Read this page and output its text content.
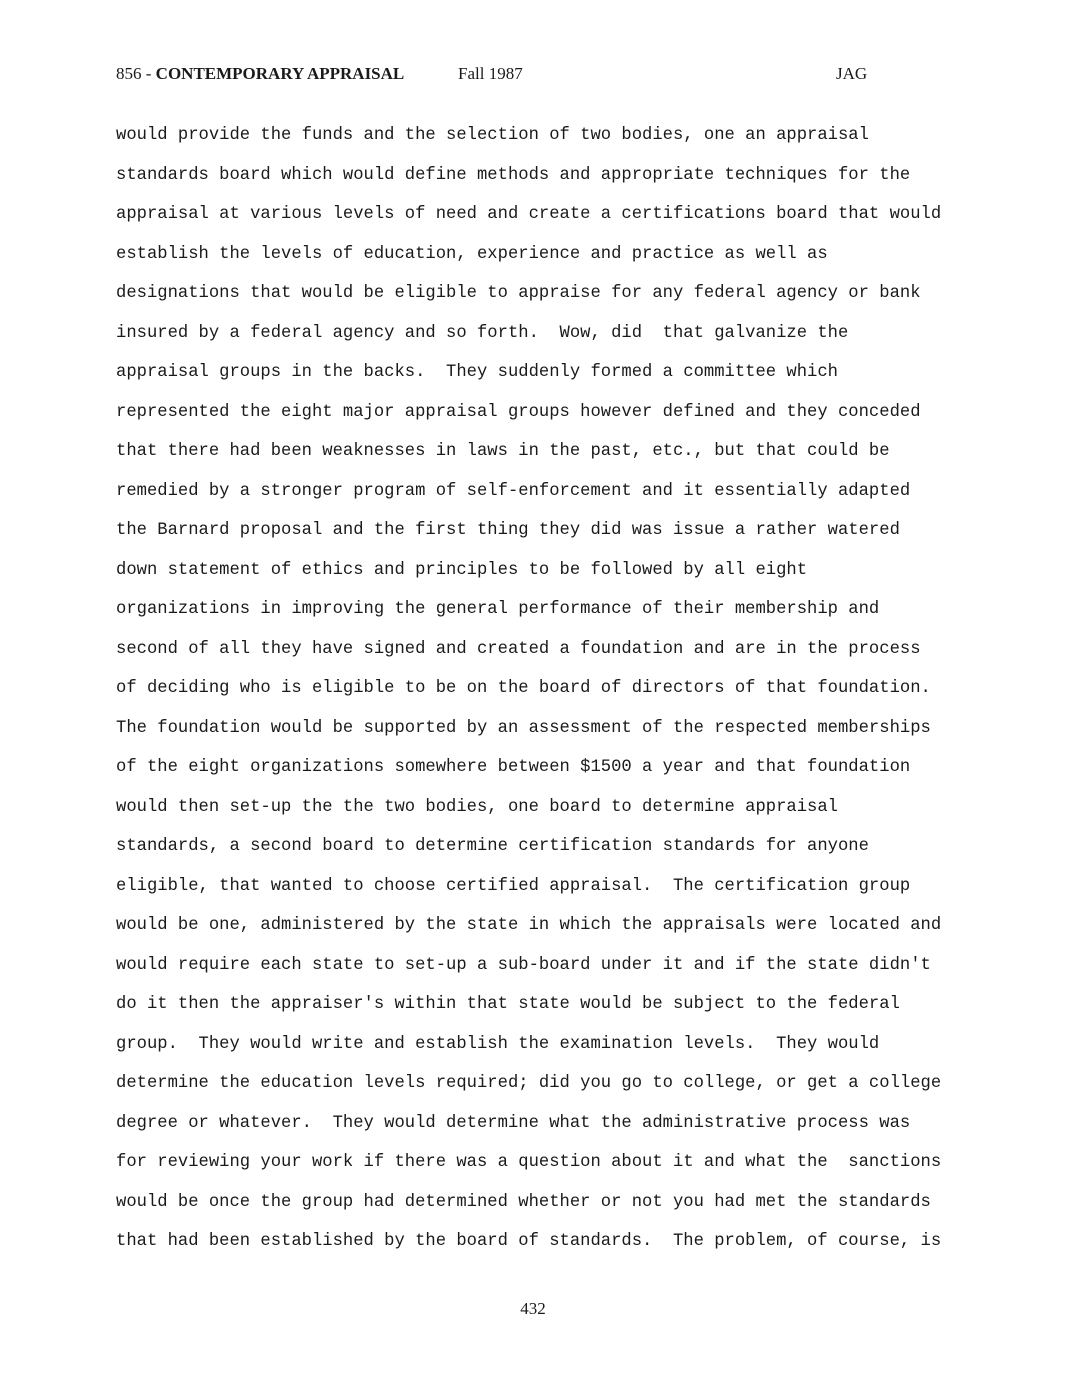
856 - CONTEMPORARY APPRAISAL	Fall 1987	JAG
would provide the funds and the selection of two bodies, one an appraisal
standards board which would define methods and appropriate techniques for the
appraisal at various levels of need and create a certifications board that would
establish the levels of education, experience and practice as well as
designations that would be eligible to appraise for any federal agency or bank
insured by a federal agency and so forth.  Wow, did  that galvanize the
appraisal groups in the backs.  They suddenly formed a committee which
represented the eight major appraisal groups however defined and they conceded
that there had been weaknesses in laws in the past, etc., but that could be
remedied by a stronger program of self-enforcement and it essentially adapted
the Barnard proposal and the first thing they did was issue a rather watered
down statement of ethics and principles to be followed by all eight
organizations in improving the general performance of their membership and
second of all they have signed and created a foundation and are in the process
of deciding who is eligible to be on the board of directors of that foundation.
The foundation would be supported by an assessment of the respected memberships
of the eight organizations somewhere between $1500 a year and that foundation
would then set-up the the two bodies, one board to determine appraisal
standards, a second board to determine certification standards for anyone
eligible, that wanted to choose certified appraisal.  The certification group
would be one, administered by the state in which the appraisals were located and
would require each state to set-up a sub-board under it and if the state didn't
do it then the appraiser's within that state would be subject to the federal
group.  They would write and establish the examination levels.  They would
determine the education levels required; did you go to college, or get a college
degree or whatever.  They would determine what the administrative process was
for reviewing your work if there was a question about it and what the  sanctions
would be once the group had determined whether or not you had met the standards
that had been established by the board of standards.  The problem, of course, is
432
